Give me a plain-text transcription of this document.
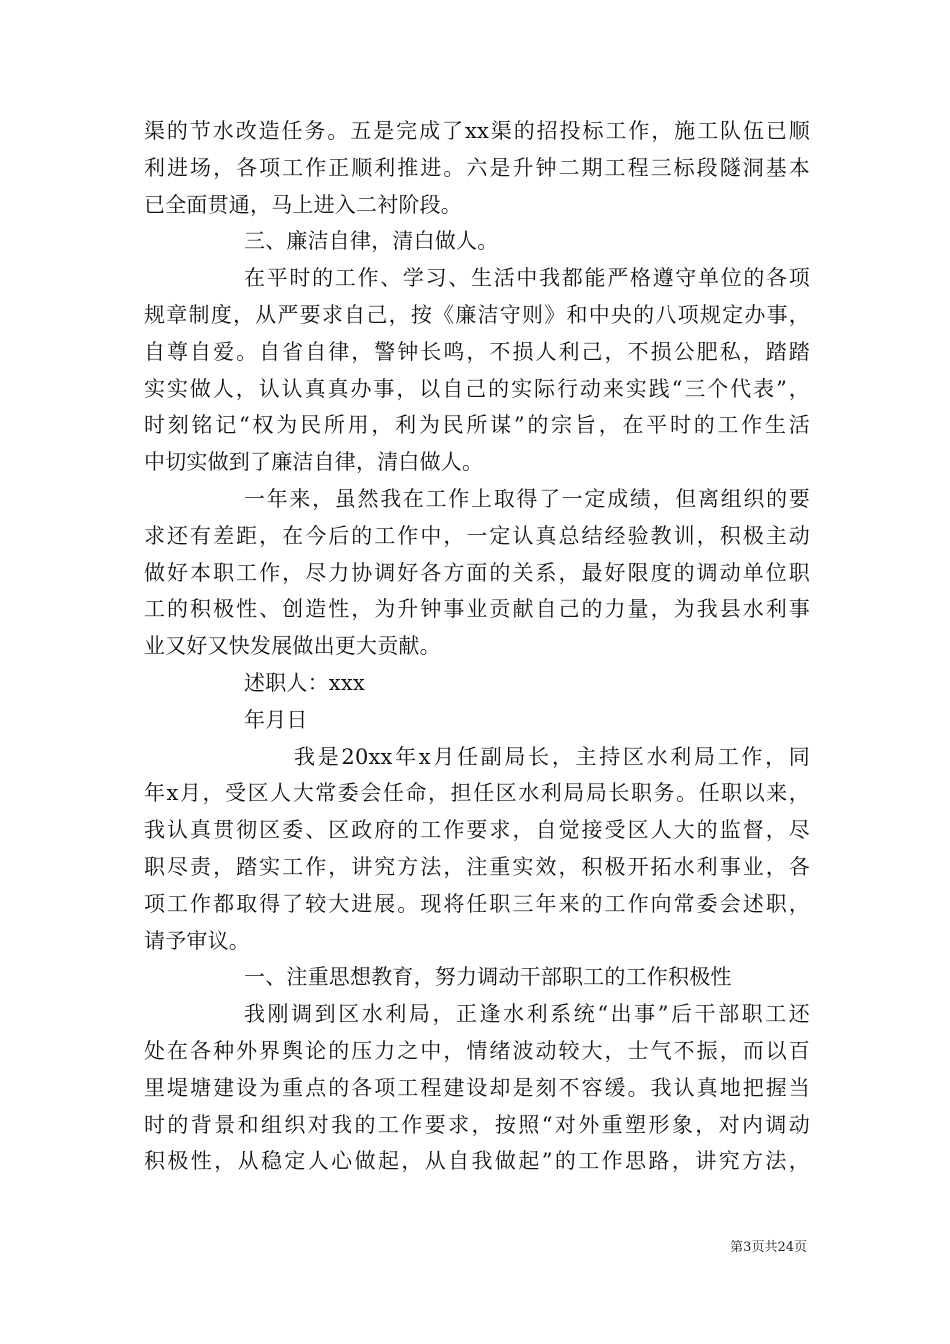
渠的节水改造任务。五是完成了xx渠的招投标工作，施工队伍已顺
利进场，各项工作正顺利推进。六是升钟二期工程三标段隧洞基本
已全面贯通，马上进入二衬阶段。
三、廉洁自律，清白做人。
在平时的工作、学习、生活中我都能严格遵守单位的各项
规章制度，从严要求自己，按《廉洁守则》和中央的八项规定办事，
自尊自爱。自省自律，警钟长鸣，不损人利己，不损公肥私，踏踏
实实做人，认认真真办事，以自己的实际行动来实践“三个代表”，
时刻铭记“权为民所用，利为民所谋”的宗旨，在平时的工作生活
中切实做到了廉洁自律，清白做人。
一年来，虽然我在工作上取得了一定成绩，但离组织的要
求还有差距，在今后的工作中，一定认真总结经验教训，积极主动
做好本职工作，尽力协调好各方面的关系，最好限度的调动单位职
工的积极性、创造性，为升钟事业贡献自己的力量，为我县水利事
业又好又快发展做出更大贡献。
述职人：xxx
年月日
我是20xx年x月任副局长，主持区水利局工作，同
年x月，受区人大常委会任命，担任区水利局局长职务。任职以来，
我认真贯彻区委、区政府的工作要求，自觉接受区人大的监督，尽
职尽责，踏实工作，讲究方法，注重实效，积极开拓水利事业，各
项工作都取得了较大进展。现将任职三年来的工作向常委会述职，
请予审议。
一、注重思想教育，努力调动干部职工的工作积极性
我刚调到区水利局，正逢水利系统“出事”后干部职工还
处在各种外界舆论的压力之中，情绪波动较大，士气不振，而以百
里堤塘建设为重点的各项工程建设却是刻不容缓。我认真地把握当
时的背景和组织对我的工作要求，按照“对外重塑形象，对内调动
积极性，从稳定人心做起，从自我做起”的工作思路，讲究方法，
第3页共24页
